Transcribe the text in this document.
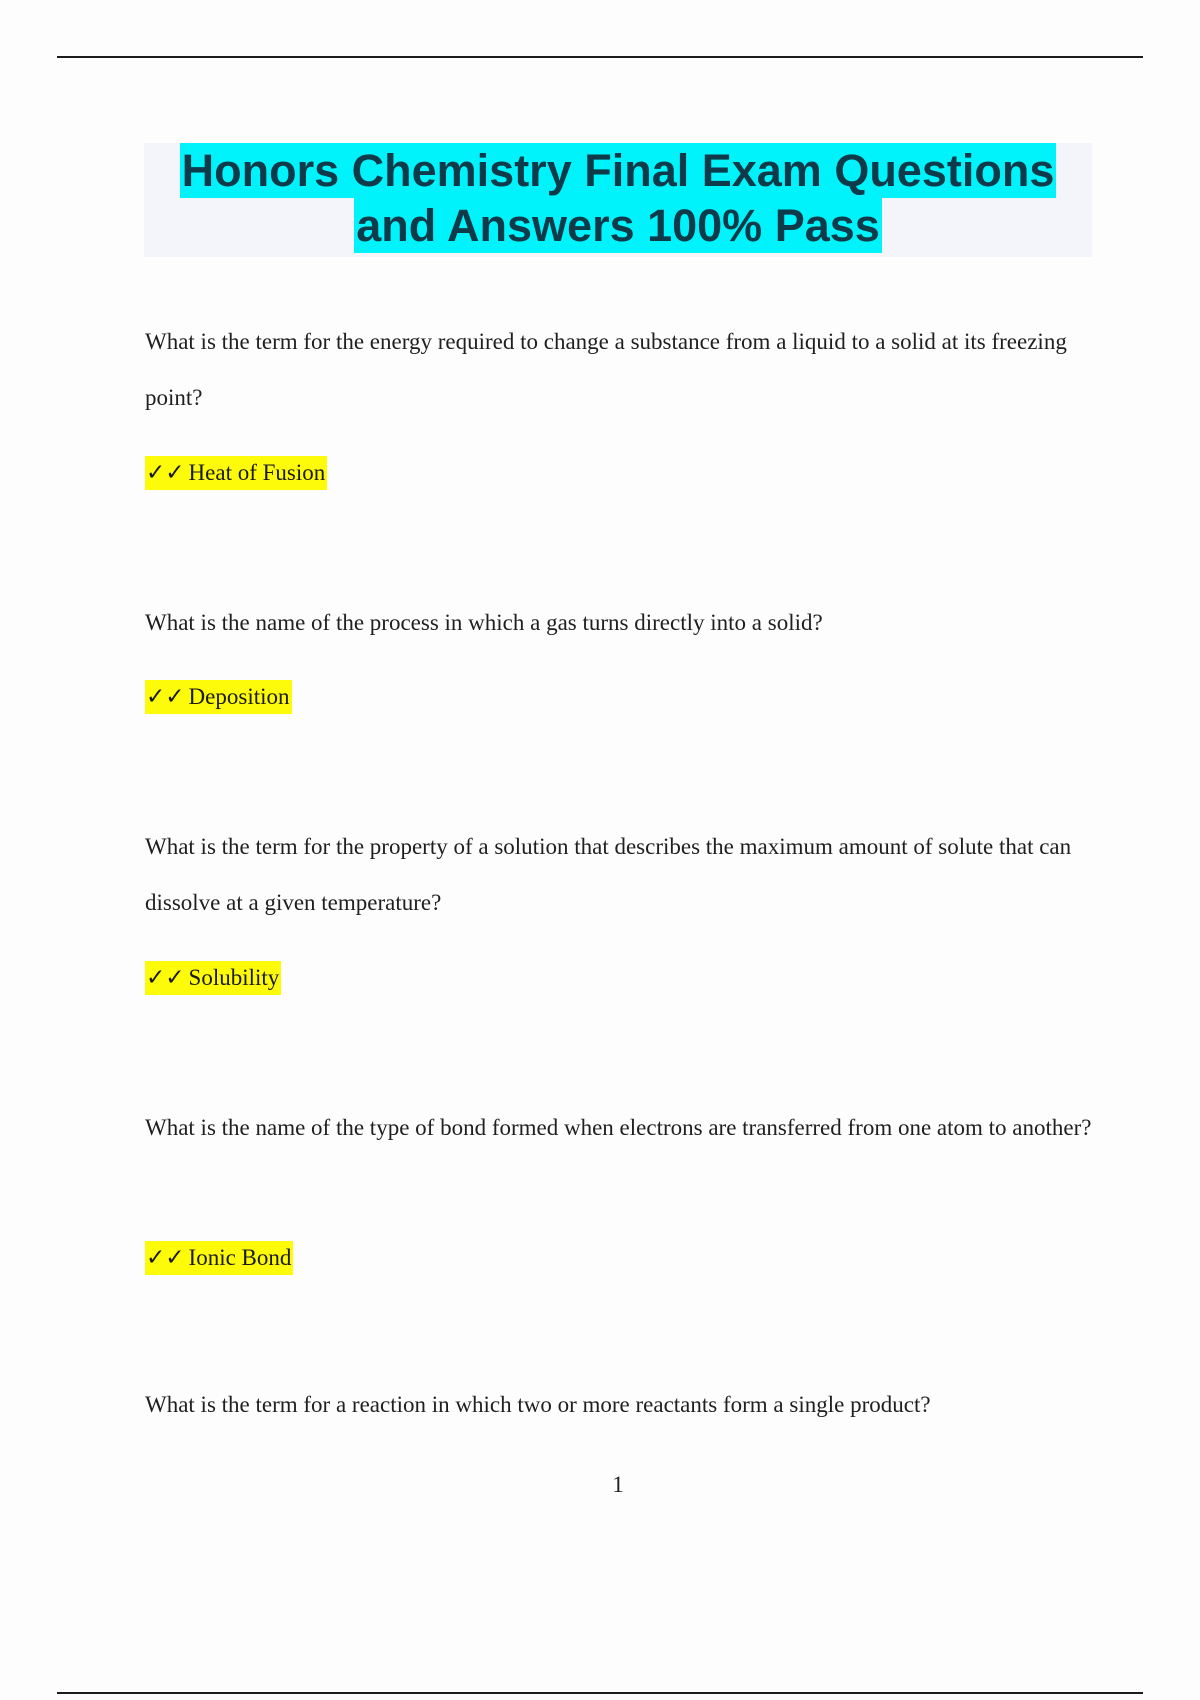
Honors Chemistry Final Exam Questions
and Answers 100% Pass
What is the term for the energy required to change a substance from a liquid to a solid at its freezing point?
✓✓ Heat of Fusion
What is the name of the process in which a gas turns directly into a solid?
✓✓ Deposition
What is the term for the property of a solution that describes the maximum amount of solute that can dissolve at a given temperature?
✓✓ Solubility
What is the name of the type of bond formed when electrons are transferred from one atom to another?
✓✓ Ionic Bond
What is the term for a reaction in which two or more reactants form a single product?
1
